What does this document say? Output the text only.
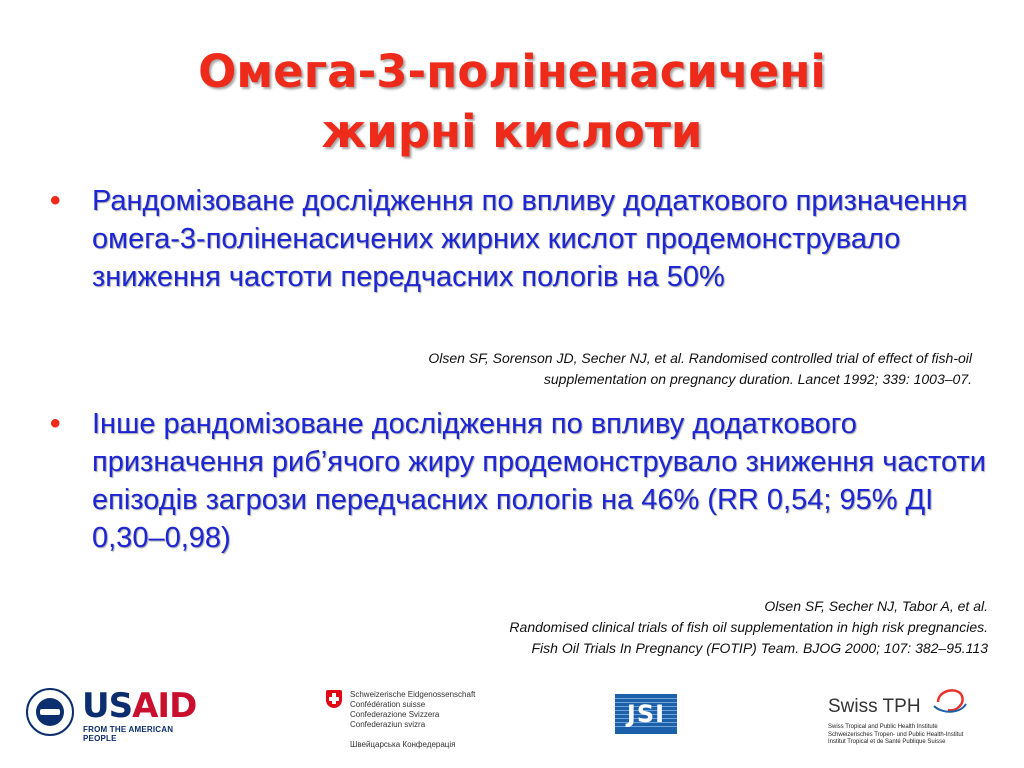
Омега-3-поліненасичені
жирні кислоти
•	Рандомізоване дослідження по впливу додаткового призначення омега-3-поліненасичених жирних кислот продемонструвало зниження частоти передчасних пологів на 50%
Olsen SF, Sorenson JD, Secher NJ, et al. Randomised controlled trial of effect of fish-oil
supplementation on pregnancy duration. Lancet 1992; 339: 1003–07.
•	Інше рандомізоване дослідження по впливу додаткового призначення риб’ячого жиру продемонструвало зниження частоти епізодів загрози передчасних пологів на 46% (RR 0,54; 95% ДІ 0,30–0,98)
Olsen SF, Secher NJ, Tabor A, et al.
Randomised clinical trials of fish oil supplementation in high risk pregnancies.
Fish Oil Trials In Pregnancy (FOTIP) Team. BJOG 2000; 107: 382–95.113
USAID
FROM THE AMERICAN PEOPLE
Schweizerische Eidgenossenschaft
Confédération suisse
Confederazione Svizzera
Confederaziun svizra
Швейцарська Конфедерація
JSI	Swiss TPH
Swiss Tropical and Public Health Institute
Schweizerisches Tropen- und Public Health-Institut
Institut Tropical et de Santé Publique Suisse
